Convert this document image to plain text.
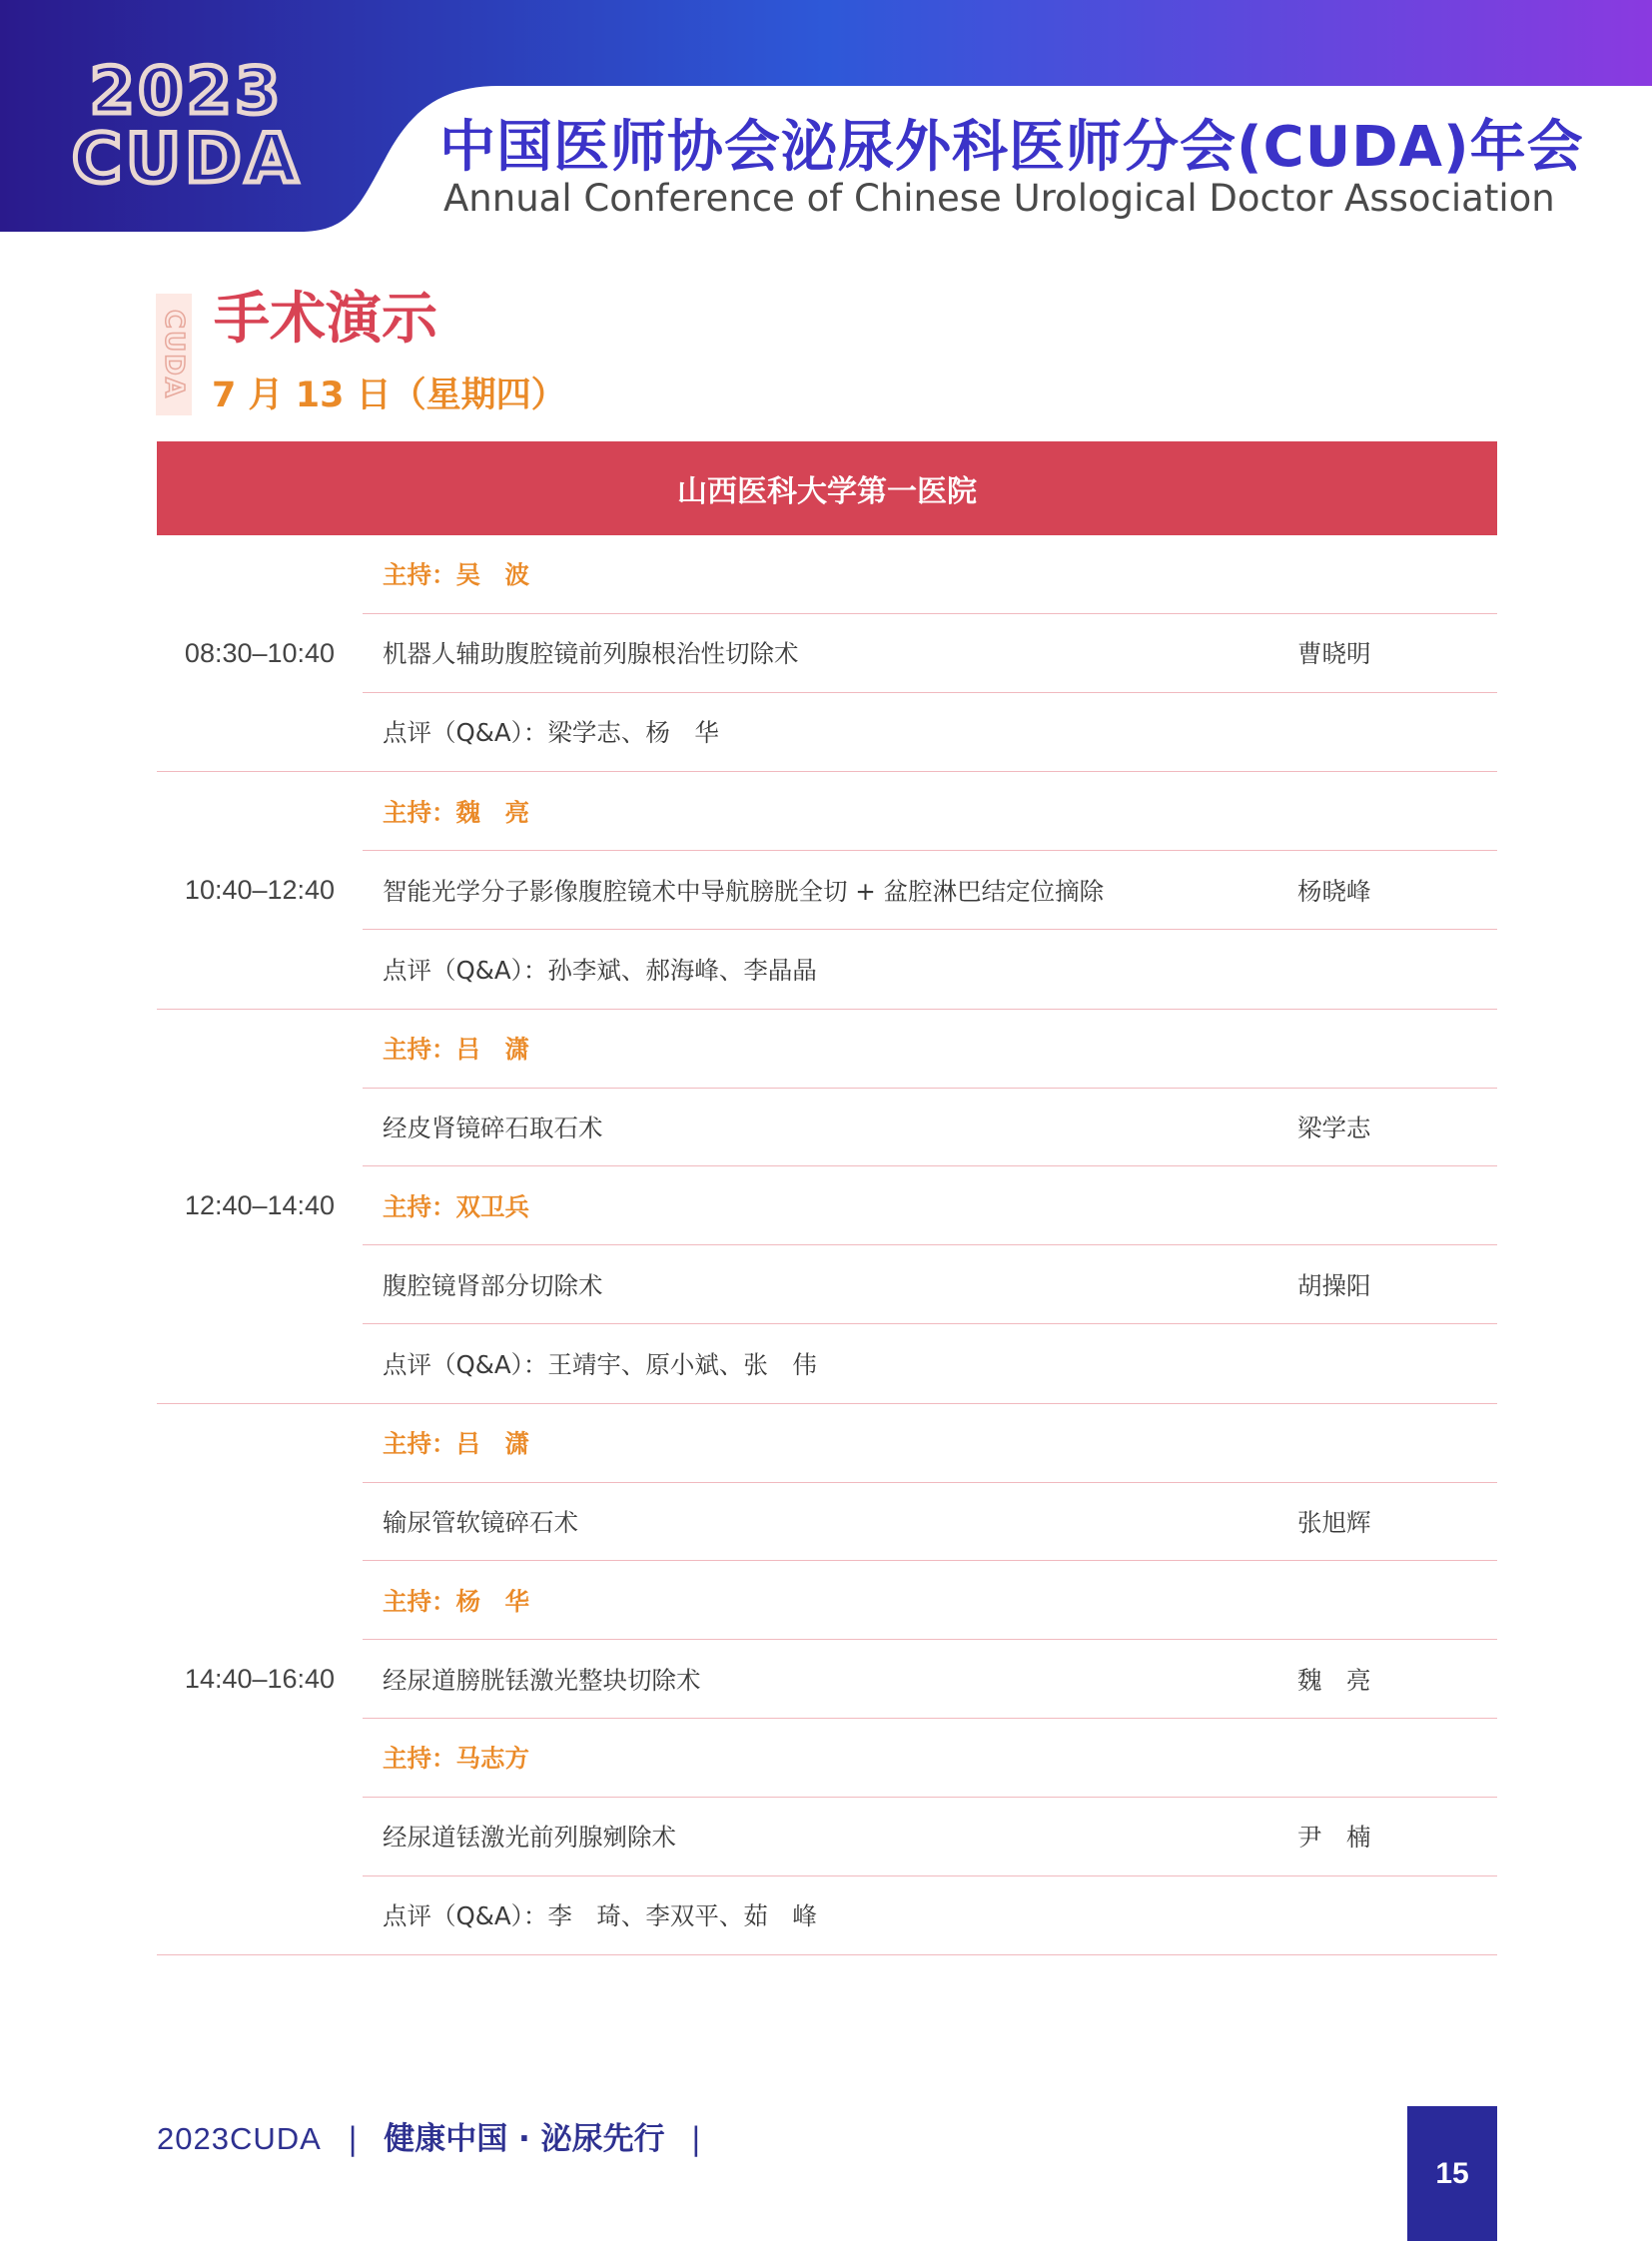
2023
CUDA 中国医师协会泌尿外科医师分会(CUDA)年会
Annual Conference of Chinese Urological Doctor Association
CUDA 手术演示
7 月 13 日（星期四）
山西医科大学第一医院
08:30–10:40
主持：吴　波
机器人辅助腹腔镜前列腺根治性切除术	曹晓明
点评（Q&A）：梁学志、杨　华
10:40–12:40
主持：魏　亮
智能光学分子影像腹腔镜术中导航膀胱全切 + 盆腔淋巴结定位摘除	杨晓峰
点评（Q&A）：孙李斌、郝海峰、李晶晶
12:40–14:40
主持：吕　潇
经皮肾镜碎石取石术	梁学志
主持：双卫兵
腹腔镜肾部分切除术	胡操阳
点评（Q&A）：王靖宇、原小斌、张　伟
14:40–16:40
主持：吕　潇
输尿管软镜碎石术	张旭辉
主持：杨　华
经尿道膀胱铥激光整块切除术	魏　亮
主持：马志方
经尿道铥激光前列腺剜除术	尹　楠
点评（Q&A）：李　琦、李双平、茹　峰
2023CUDA | 健康中国 · 泌尿先行 |
15
